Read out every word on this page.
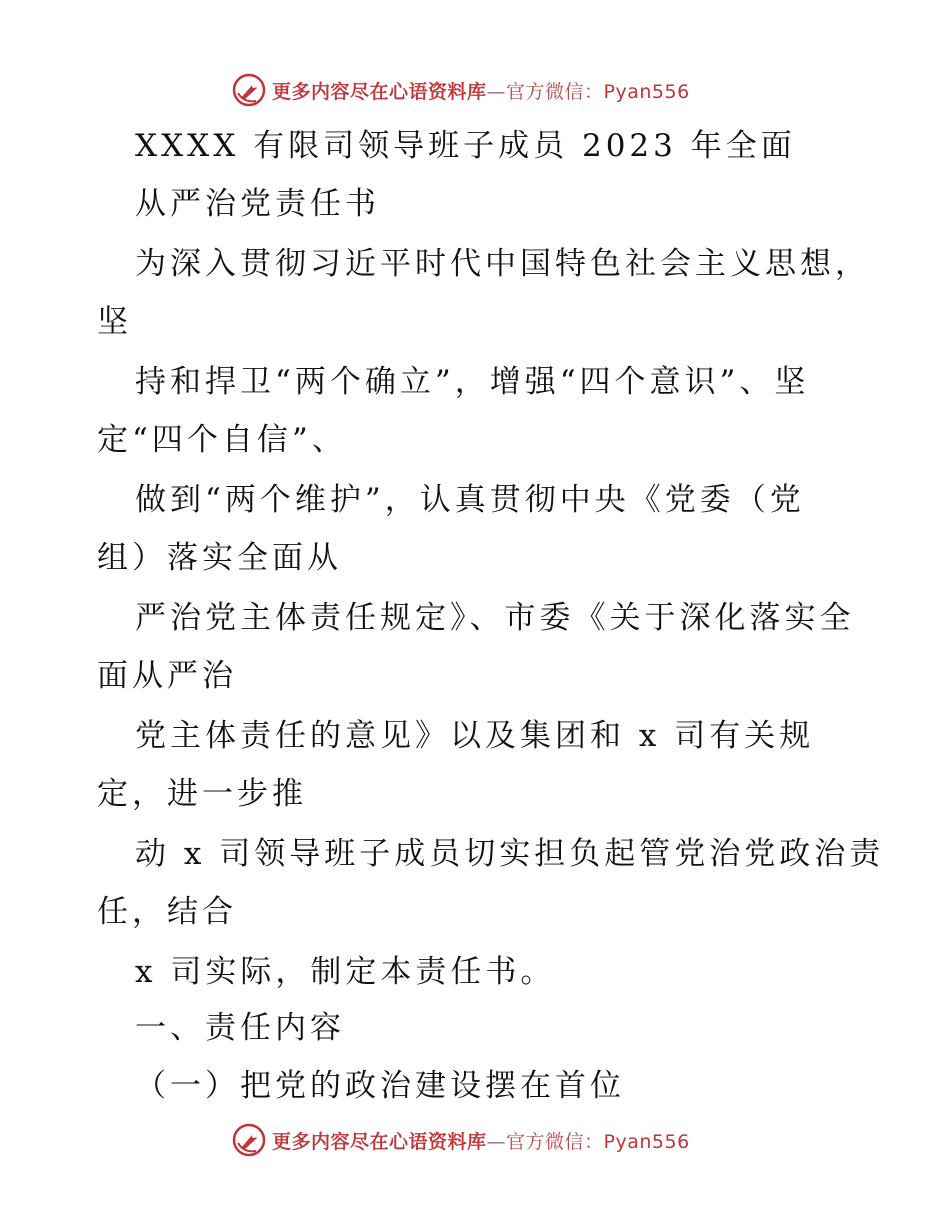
更多内容尽在心语资料库—官方微信：Pyan556
XXXX 有限司领导班子成员 2023 年全面
从严治党责任书
为深入贯彻习近平时代中国特色社会主义思想，
坚
持和捍卫“两个确立”，增强“四个意识”、坚
定“四个自信”、
做到“两个维护”，认真贯彻中央《党委（党
组）落实全面从
严治党主体责任规定》、市委《关于深化落实全
面从严治
党主体责任的意见》以及集团和 x 司有关规
定，进一步推
动 x 司领导班子成员切实担负起管党治党政治责
任，结合
x 司实际，制定本责任书。
一、责任内容
（一）把党的政治建设摆在首位
更多内容尽在心语资料库—官方微信：Pyan556
